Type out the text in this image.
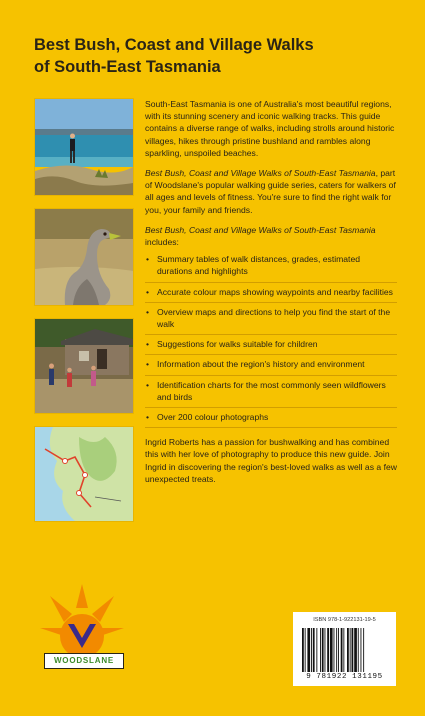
Best Bush, Coast and Village Walks
of South-East Tasmania

South-East Tasmania is one of Australia's most beautiful regions, with its stunning scenery and iconic walking tracks. This guide contains a diverse range of walks, including strolls around historic villages, hikes through pristine bushland and rambles along sparkling, unspoiled beaches.

Best Bush, Coast and Village Walks of South-East Tasmania, part of Woodslane's popular walking guide series, caters for walkers of all ages and levels of fitness. You're sure to find the right walk for you, your family and friends.

Best Bush, Coast and Village Walks of South-East Tasmania includes:

• Summary tables of walk distances, grades, estimated durations and highlights
• Accurate colour maps showing waypoints and nearby facilities
• Overview maps and directions to help you find the start of the walk
• Suggestions for walks suitable for children
• Information about the region's history and environment
• Identification charts for the most commonly seen wildflowers and birds
• Over 200 colour photographs

Ingrid Roberts has a passion for bushwalking and has combined this with her love of photography to produce this new guide. Join Ingrid in discovering the region's best-loved walks as well as a few unexpected treats.

WOODSLANE
ISBN 978-1-922131-19-5
9 781922 131195
